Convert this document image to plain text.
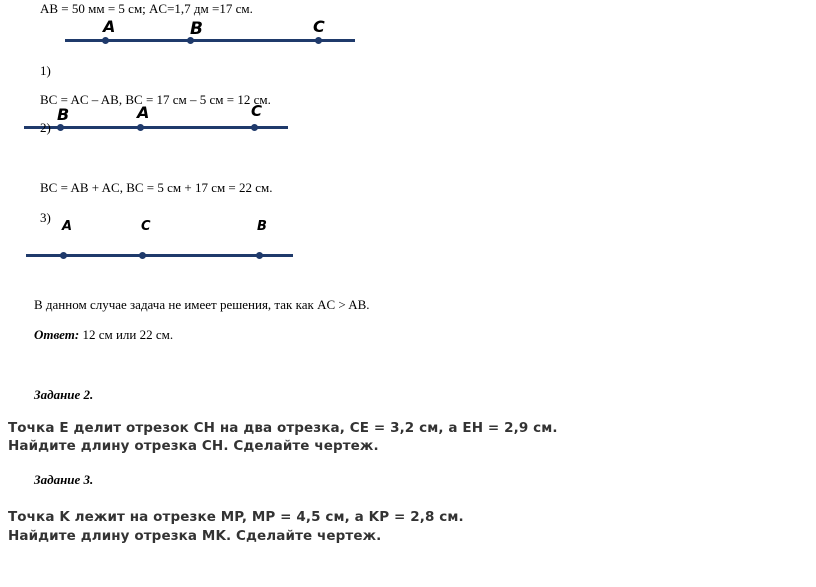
AB = 50 мм = 5 см; AC=1,7 дм =17 см.
A	B	C
1)
BC = AC – AB, BC = 17 см – 5 см = 12 см.
B	A	C
2)
BC = AB + AC, BC = 5 см + 17 см = 22 см.
3)
A	C	B
В данном случае задача не имеет решения, так как AC > AB.
Ответ: 12 см или 22 см.
Задание 2.
Точка E делит отрезок CH на два отрезка, CE = 3,2 см, а EH = 2,9 см.
Найдите длину отрезка CH. Сделайте чертеж.
Задание 3.
Точка K лежит на отрезке MP, MP = 4,5 см, а KP = 2,8 см.
Найдите длину отрезка MK. Сделайте чертеж.
